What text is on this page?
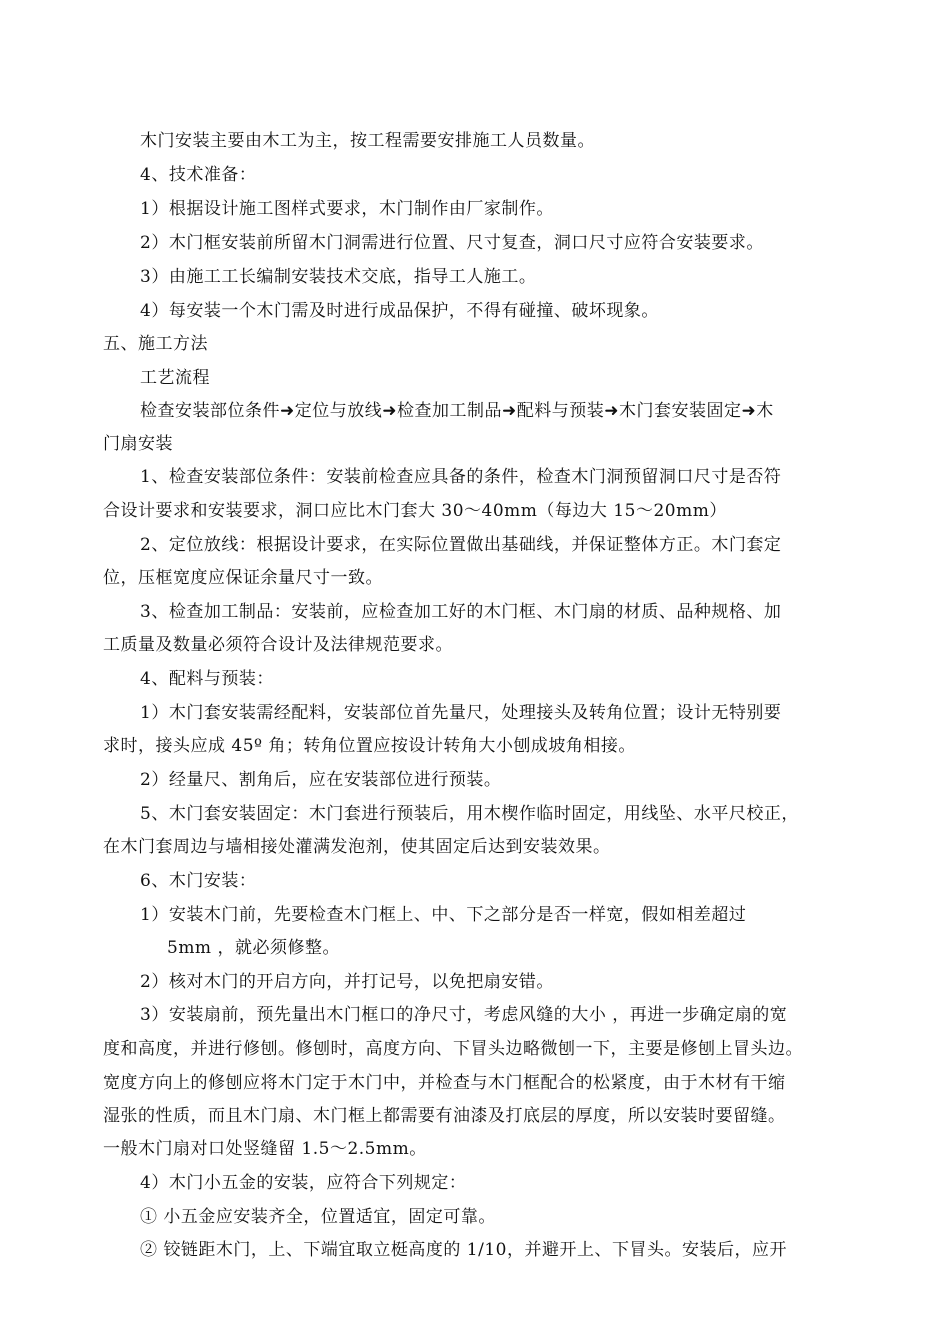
木门安装主要由木工为主，按工程需要安排施工人员数量。
4、技术准备：
1）根据设计施工图样式要求，木门制作由厂家制作。
2）木门框安装前所留木门洞需进行位置、尺寸复查，洞口尺寸应符合安装要求。
3）由施工工长编制安装技术交底，指导工人施工。
4）每安装一个木门需及时进行成品保护，不得有碰撞、破坏现象。
五、施工方法
工艺流程
检查安装部位条件➜定位与放线➜检查加工制品➜配料与预装➜木门套安装固定➜木
门扇安装
1、检查安装部位条件：安装前检查应具备的条件，检查木门洞预留洞口尺寸是否符
合设计要求和安装要求，洞口应比木门套大 30～40mm（每边大 15～20mm）
2、定位放线：根据设计要求，在实际位置做出基础线，并保证整体方正。木门套定
位，压框宽度应保证余量尺寸一致。
3、检查加工制品：安装前，应检查加工好的木门框、木门扇的材质、品种规格、加
工质量及数量必须符合设计及法律规范要求。
4、配料与预装：
1）木门套安装需经配料，安装部位首先量尺，处理接头及转角位置；设计无特别要
求时，接头应成 45º 角；转角位置应按设计转角大小刨成坡角相接。
2）经量尺、割角后，应在安装部位进行预装。
5、木门套安装固定：木门套进行预装后，用木楔作临时固定，用线坠、水平尺校正，
在木门套周边与墙相接处灌满发泡剂，使其固定后达到安装效果。
6、木门安装：
1）安装木门前，先要检查木门框上、中、下之部分是否一样宽，假如相差超过
5mm ，就必须修整。
2）核对木门的开启方向，并打记号，以免把扇安错。
3）安装扇前，预先量出木门框口的净尺寸，考虑风缝的大小 ，再进一步确定扇的宽
度和高度，并进行修刨。修刨时，高度方向、下冒头边略微刨一下，主要是修刨上冒头边。
宽度方向上的修刨应将木门定于木门中，并检查与木门框配合的松紧度，由于木材有干缩
湿张的性质，而且木门扇、木门框上都需要有油漆及打底层的厚度，所以安装时要留缝。
一般木门扇对口处竖缝留 1.5～2.5mm。
4）木门小五金的安装，应符合下列规定：
① 小五金应安装齐全，位置适宜，固定可靠。
② 铰链距木门，上、下端宜取立梃高度的 1/10，并避开上、下冒头。安装后，应开
